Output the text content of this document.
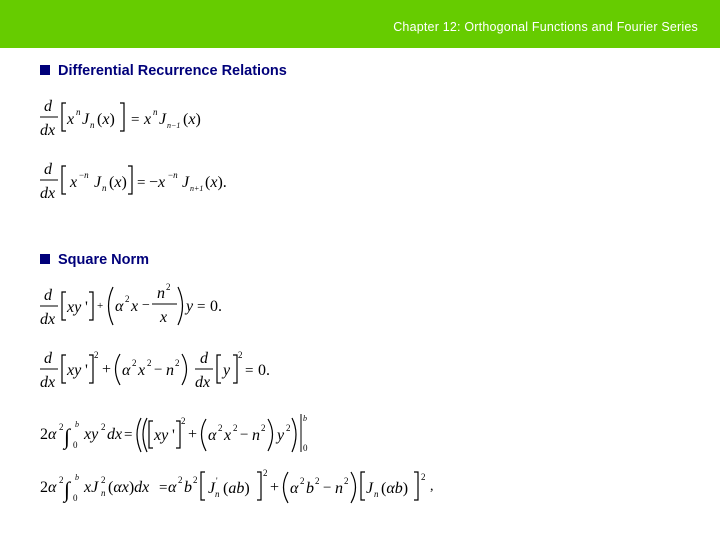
Chapter 12: Orthogonal Functions and Fourier Series
Differential Recurrence Relations
Square Norm
d
dx
x n J n (x) = x n J n−1 (x)
d
dx
x −n J n (x) = −x −n J n+1 (x).
d
dx
xy ' + α 2 x −
n 2
x
y = 0.
d
dx
xy '
2
+ α 2 x 2 − n 2 d
dx
y
2
= 0.
2α 2 ∫ b
0
xy 2 dx = xy '
2
+ α 2 x 2 − n 2 y 2
b
0
2α 2 ∫ b
0
xJ 2
n (αx)dx = α 2 b 2 J '
n (ab)
2
+ α 2 b 2 − n 2 J n (αb)
2
,
